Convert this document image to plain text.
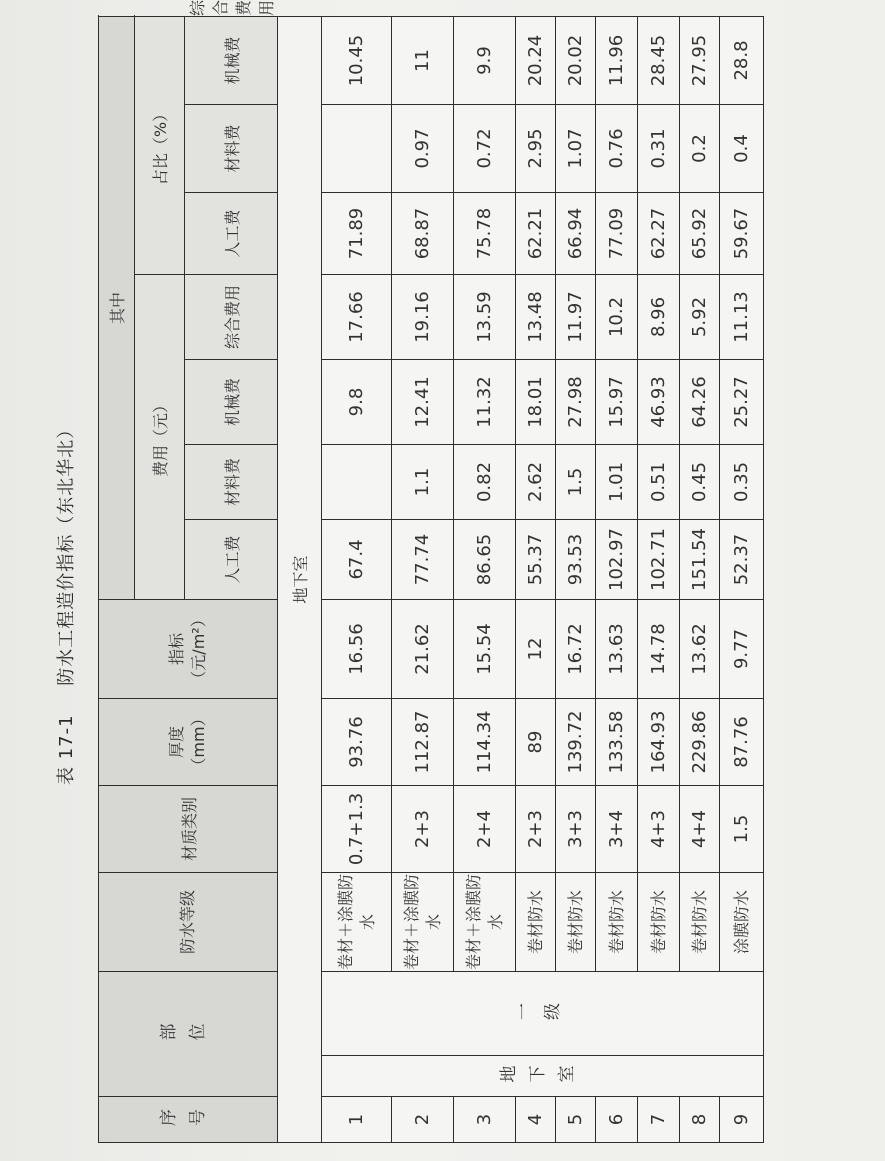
表 17-1 防水工程造价指标（东北华北）
序号	部位		防水等级	材质类别	厚度（mm）	指标（元/m²）	其中							
							费用（元）				占比（%）			
							人工费	材料费	机械费	综合费用	人工费	材料费	机械费	综合费用
地下室														
1	地下室	一级	卷材＋涂膜防水	0.7+1.3	93.76	16.56	67.4		9.8	17.66	71.89		10.45	
2			卷材＋涂膜防水	2+3	112.87	21.62	77.74	1.1	12.41	19.16	68.87	0.97	11	
3			卷材＋涂膜防水	2+4	114.34	15.54	86.65	0.82	11.32	13.59	75.78	0.72	9.9	
4			卷材防水	2+3	89	12	55.37	2.62	18.01	13.48	62.21	2.95	20.24	
5			卷材防水	3+3	139.72	16.72	93.53	1.5	27.98	11.97	66.94	1.07	20.02	
6			卷材防水	3+4	133.58	13.63	102.97	1.01	15.97	10.2	77.09	0.76	11.96	
7			卷材防水	4+3	164.93	14.78	102.71	0.51	46.93	8.96	62.27	0.31	28.45	
8			卷材防水	4+4	229.86	13.62	151.54	0.45	64.26	5.92	65.92	0.2	27.95	
9			涂膜防水	1.5	87.76	9.77	52.37	0.35	25.27	11.13	59.67	0.4	28.8	
